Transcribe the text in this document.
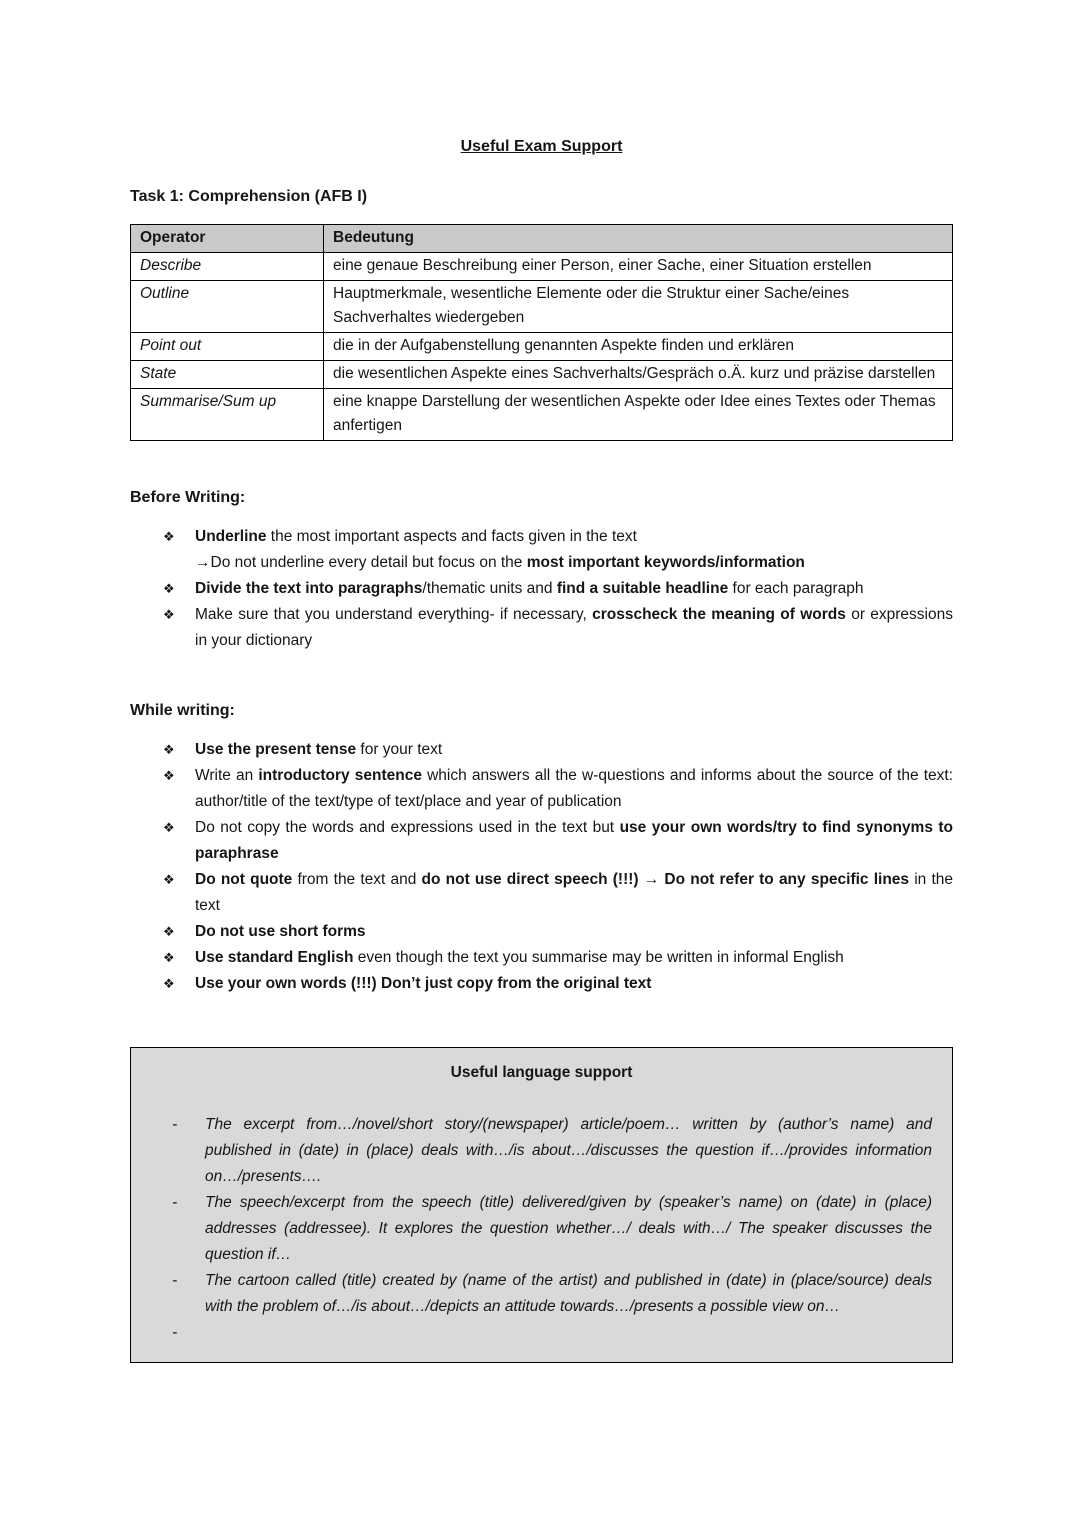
Useful Exam Support
Task 1: Comprehension (AFB I)
Operator	Bedeutung
Describe	eine genaue Beschreibung einer Person, einer Sache, einer Situation erstellen
Outline	Hauptmerkmale, wesentliche Elemente oder die Struktur einer Sache/eines Sachverhaltes wiedergeben
Point out	die in der Aufgabenstellung genannten Aspekte finden und erklären
State	die wesentlichen Aspekte eines Sachverhalts/Gespräch o.Ä. kurz und präzise darstellen
Summarise/Sum up	eine knappe Darstellung der wesentlichen Aspekte oder Idee eines Textes oder Themas anfertigen
Before Writing:
❖	Underline the most important aspects and facts given in the text
→Do not underline every detail but focus on the most important keywords/information
❖	Divide the text into paragraphs/thematic units and find a suitable headline for each paragraph
❖	Make sure that you understand everything- if necessary, crosscheck the meaning of words or expressions in your dictionary
While writing:
❖	Use the present tense for your text
❖	Write an introductory sentence which answers all the w-questions and informs about the source of the text: author/title of the text/type of text/place and year of publication
❖	Do not copy the words and expressions used in the text but use your own words/try to find synonyms to paraphrase
❖	Do not quote from the text and do not use direct speech (!!!) → Do not refer to any specific lines in the text
❖	Do not use short forms
❖	Use standard English even though the text you summarise may be written in informal English
❖	Use your own words (!!!) Don’t just copy from the original text
Useful language support
-	The excerpt from…/novel/short story/(newspaper) article/poem… written by (author’s name) and published in (date) in (place) deals with…/is about…/discusses the question if…/provides information on…/presents….
-	The speech/excerpt from the speech (title) delivered/given by (speaker’s name) on (date) in (place) addresses (addressee). It explores the question whether…/ deals with…/ The speaker discusses the question if…
-	The cartoon called (title) created by (name of the artist) and published in (date) in (place/source) deals with the problem of…/is about…/depicts an attitude towards…/presents a possible view on…
-
